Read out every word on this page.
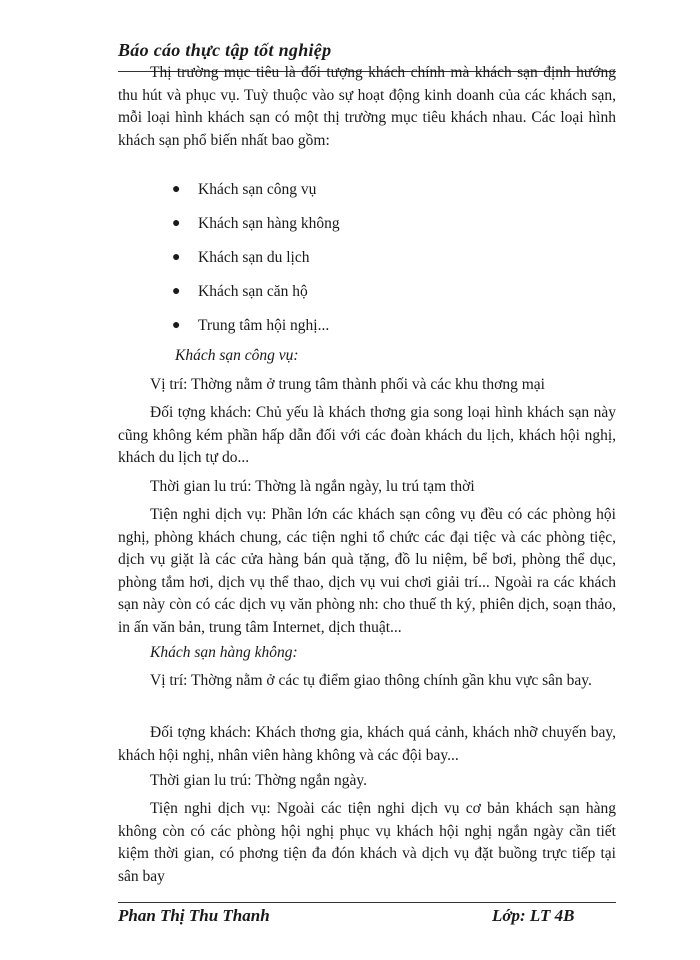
Báo cáo thực tập tốt nghiệp
Thị trường mục tiêu là đối tượng khách chính mà khách sạn định hướng thu hút và phục vụ. Tuỳ thuộc vào sự hoạt động kinh doanh của các khách sạn, mỗi loại hình khách sạn có một thị trường mục tiêu khách nhau. Các loại hình khách sạn phổ biến nhất bao gồm:
● Khách sạn công vụ
● Khách sạn hàng không
● Khách sạn du lịch
● Khách sạn căn hộ
● Trung tâm hội nghị...
Khách sạn công vụ:
Vị trí: Thờng nằm ở trung tâm thành phối và các khu thơng mại
Đối tợng khách: Chủ yếu là khách thơng gia song loại hình khách sạn này cũng không kém phần hấp dẫn đối với các đoàn khách du lịch, khách hội nghị, khách du lịch tự do...
Thời gian lu trú: Thờng là ngắn ngày, lu trú tạm thời
Tiện nghi dịch vụ: Phần lớn các khách sạn công vụ đều có các phòng hội nghị, phòng khách chung, các tiện nghi tổ chức các đại tiệc và các phòng tiệc, dịch vụ giặt là các cửa hàng bán quà tặng, đồ lu niệm, bể bơi, phòng thể dục, phòng tắm hơi, dịch vụ thể thao, dịch vụ vui chơi giải trí... Ngoài ra các khách sạn này còn có các dịch vụ văn phòng nh: cho thuế th ký, phiên dịch, soạn thảo, in ấn văn bản, trung tâm Internet, dịch thuật...
Khách sạn hàng không:
Vị trí: Thờng nằm ở các tụ điểm giao thông chính gần khu vực sân bay.
Đối tợng khách: Khách thơng gia, khách quá cảnh, khách nhỡ chuyến bay, khách hội nghị, nhân viên hàng không và các đội bay...
Thời gian lu trú: Thờng ngắn ngày.
Tiện nghi dịch vụ: Ngoài các tiện nghi dịch vụ cơ bản khách sạn hàng không còn có các phòng hội nghị phục vụ khách hội nghị ngắn ngày cần tiết kiệm thời gian, có phơng tiện đa đón khách và dịch vụ đặt buồng trực tiếp tại sân bay
Phan Thị Thu Thanh	Lớp: LT 4B
